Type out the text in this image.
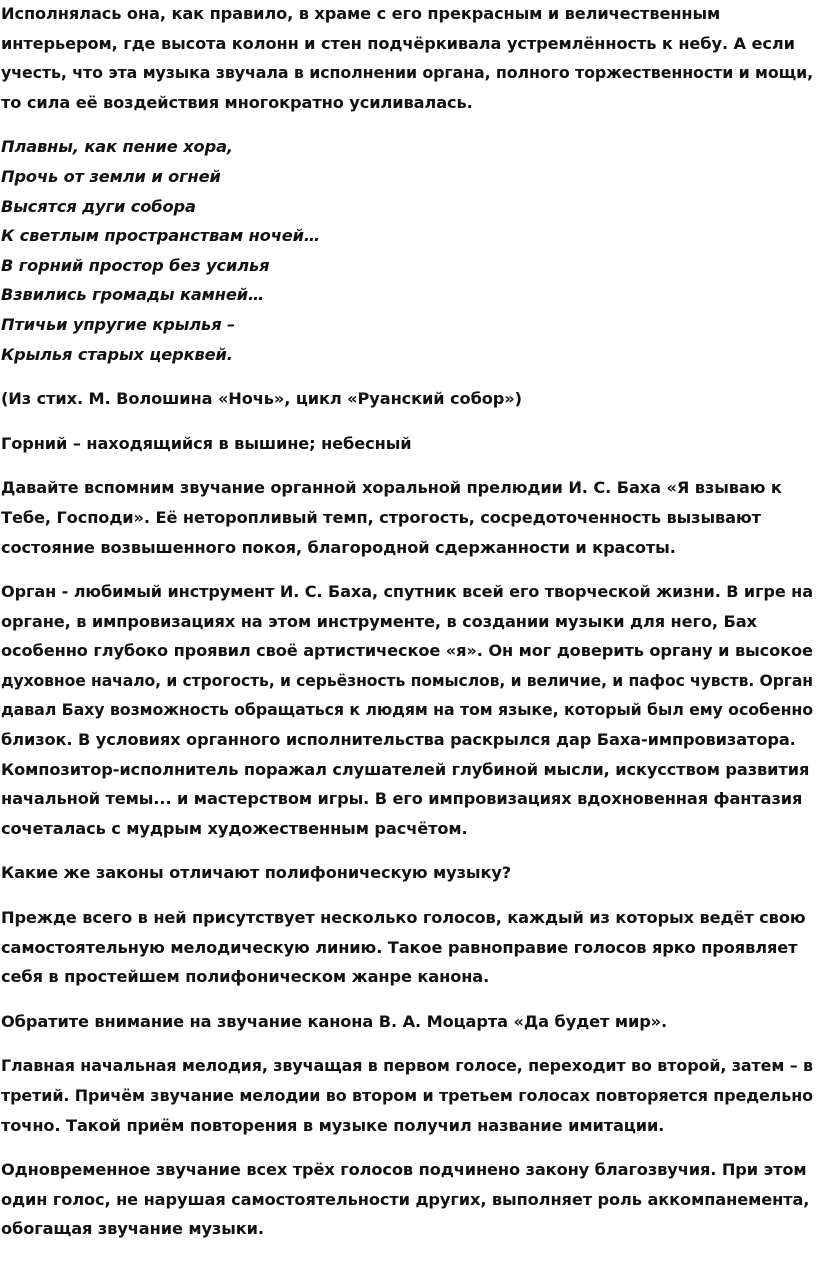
Исполнялась она, как правило, в храме с его прекрасным и величественным
интерьером, где высота колонн и стен подчёркивала устремлённость к небу. А если
учесть, что эта музыка звучала в исполнении органа, полного торжественности и мощи,
то сила её воздействия многократно усиливалась.
Плавны, как пение хора,
Прочь от земли и огней
Высятся дуги собора
К светлым пространствам ночей…
В горний простор без усилья
Взвились громады камней…
Птичьи упругие крылья –
Крылья старых церквей.
(Из стих. М. Волошина «Ночь», цикл «Руанский собор»)
Горний – находящийся в вышине; небесный
Давайте вспомним звучание органной хоральной прелюдии И. С. Баха «Я взываю к
Тебе, Господи». Её неторопливый темп, строгость, сосредоточенность вызывают
состояние возвышенного покоя, благородной сдержанности и красоты.
Орган - любимый инструмент И. С. Баха, спутник всей его творческой жизни. В игре на
органе, в импровизациях на этом инструменте, в создании музыки для него, Бах
особенно глубоко проявил своё артистическое «я». Он мог доверить органу и высокое
духовное начало, и строгость, и серьёзность помыслов, и величие, и пафос чувств. Орган
давал Баху возможность обращаться к людям на том языке, который был ему особенно
близок. В условиях органного исполнительства раскрылся дар Баха-импровизатора.
Композитор-исполнитель поражал слушателей глубиной мысли, искусством развития
начальной темы... и мастерством игры. В его импровизациях вдохновенная фантазия
сочеталась с мудрым художественным расчётом.
Какие же законы отличают полифоническую музыку?
Прежде всего в ней присутствует несколько голосов, каждый из которых ведёт свою
самостоятельную мелодическую линию. Такое равноправие голосов ярко проявляет
себя в простейшем полифоническом жанре канона.
Обратите внимание на звучание канона В. А. Моцарта «Да будет мир».
Главная начальная мелодия, звучащая в первом голосе, переходит во второй, затем – в
третий. Причём звучание мелодии во втором и третьем голосах повторяется предельно
точно. Такой приём повторения в музыке получил название имитации.
Одновременное звучание всех трёх голосов подчинено закону благозвучия. При этом
один голос, не нарушая самостоятельности других, выполняет роль аккомпанемента,
обогащая звучание музыки.
